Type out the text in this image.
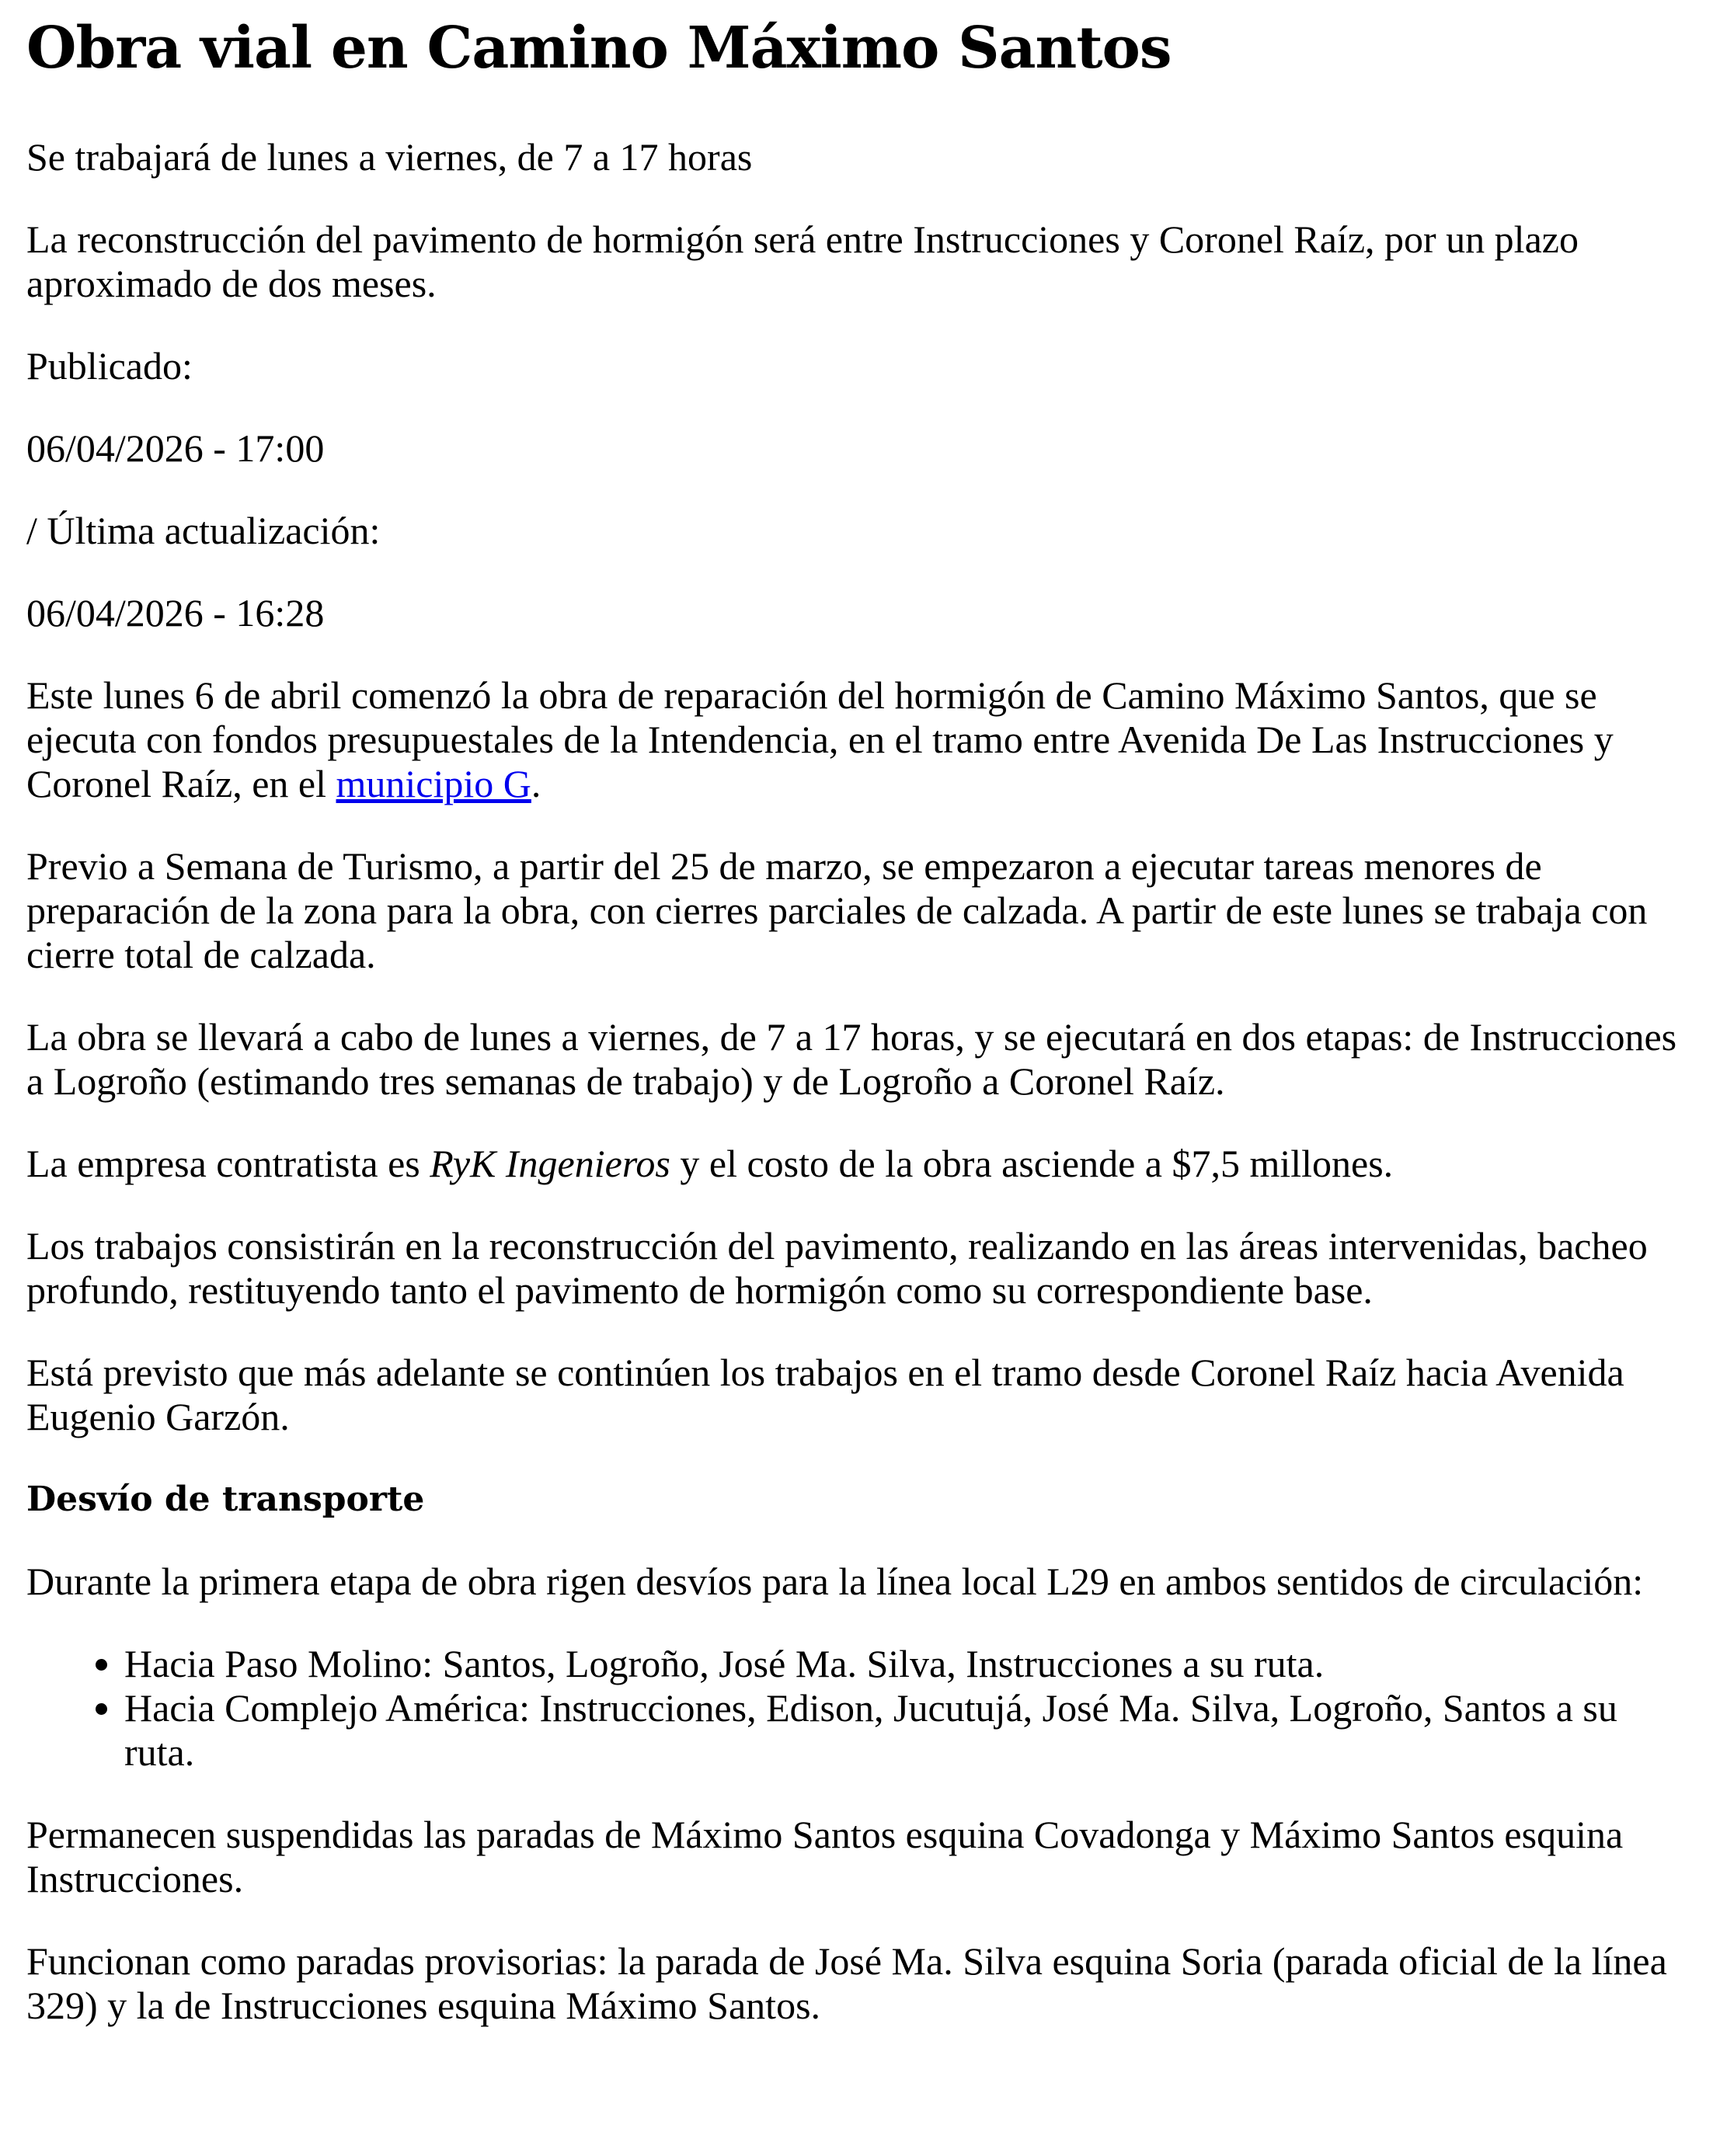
Obra vial en Camino Máximo Santos

Se trabajará de lunes a viernes, de 7 a 17 horas

La reconstrucción del pavimento de hormigón será entre Instrucciones y Coronel Raíz, por un plazo aproximado de dos meses.

Publicado:

06/04/2026 - 17:00

/ Última actualización:

06/04/2026 - 16:28

Este lunes 6 de abril comenzó la obra de reparación del hormigón de Camino Máximo Santos, que se ejecuta con fondos presupuestales de la Intendencia, en el tramo entre Avenida De Las Instrucciones y Coronel Raíz, en el municipio G.

Previo a Semana de Turismo, a partir del 25 de marzo, se empezaron a ejecutar tareas menores de preparación de la zona para la obra, con cierres parciales de calzada. A partir de este lunes se trabaja con cierre total de calzada.

La obra se llevará a cabo de lunes a viernes, de 7 a 17 horas, y se ejecutará en dos etapas: de Instrucciones a Logroño (estimando tres semanas de trabajo) y de Logroño a Coronel Raíz.

La empresa contratista es RyK Ingenieros y el costo de la obra asciende a $7,5 millones.

Los trabajos consistirán en la reconstrucción del pavimento, realizando en las áreas intervenidas, bacheo profundo, restituyendo tanto el pavimento de hormigón como su correspondiente base.

Está previsto que más adelante se continúen los trabajos en el tramo desde Coronel Raíz hacia Avenida Eugenio Garzón.

Desvío de transporte

Durante la primera etapa de obra rigen desvíos para la línea local L29 en ambos sentidos de circulación:

• Hacia Paso Molino: Santos, Logroño, José Ma. Silva, Instrucciones a su ruta.
• Hacia Complejo América: Instrucciones, Edison, Jucutujá, José Ma. Silva, Logroño, Santos a su ruta.

Permanecen suspendidas las paradas de Máximo Santos esquina Covadonga y Máximo Santos esquina Instrucciones.

Funcionan como paradas provisorias: la parada de José Ma. Silva esquina Soria (parada oficial de la línea 329) y la de Instrucciones esquina Máximo Santos.
